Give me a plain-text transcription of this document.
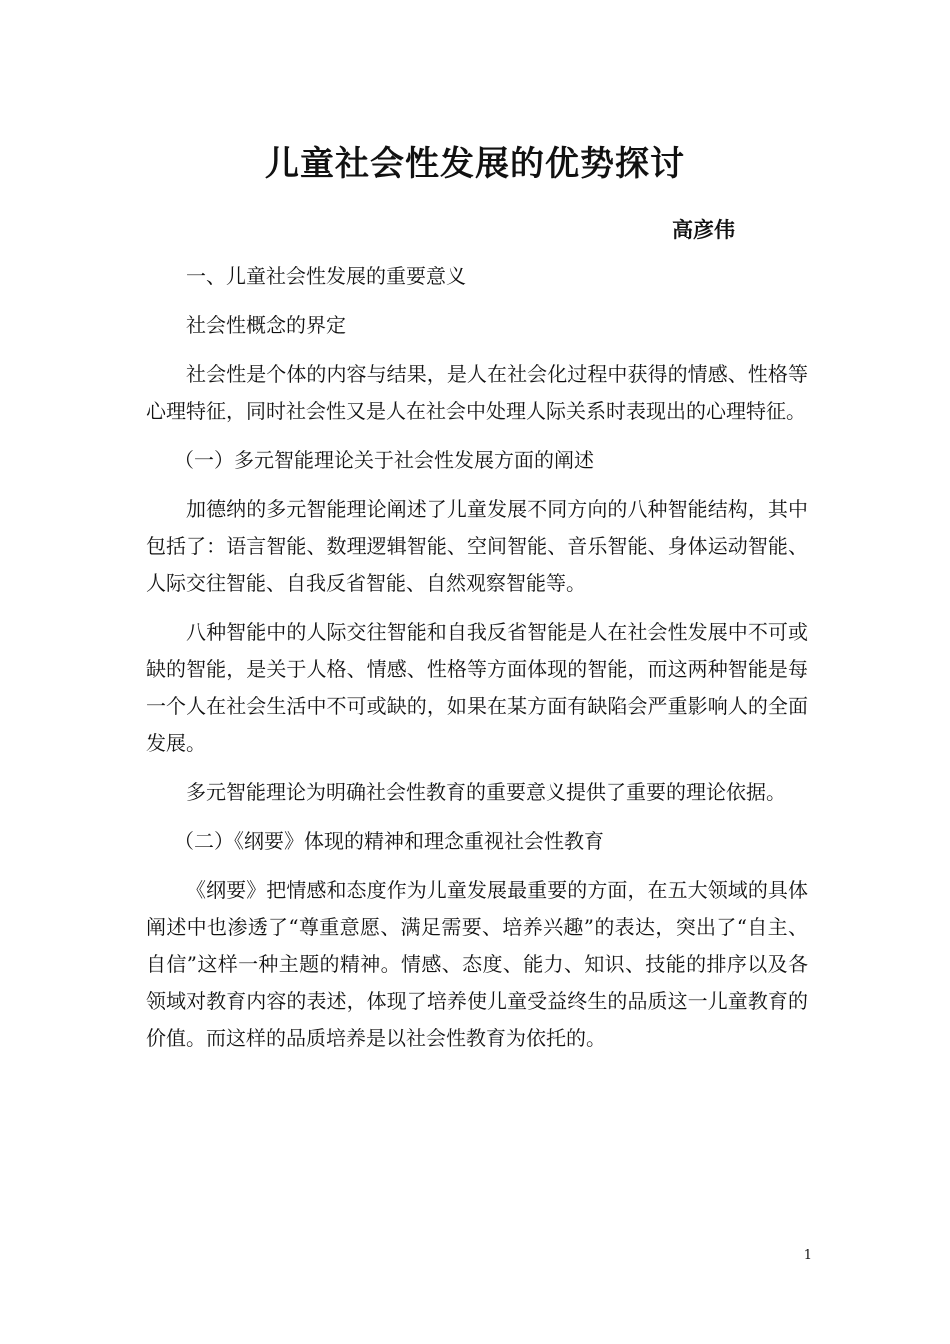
儿童社会性发展的优势探讨

高彦伟

一、儿童社会性发展的重要意义

社会性概念的界定

社会性是个体的内容与结果，是人在社会化过程中获得的情感、性格等心理特征，同时社会性又是人在社会中处理人际关系时表现出的心理特征。

（一）多元智能理论关于社会性发展方面的阐述

加德纳的多元智能理论阐述了儿童发展不同方向的八种智能结构，其中包括了：语言智能、数理逻辑智能、空间智能、音乐智能、身体运动智能、人际交往智能、自我反省智能、自然观察智能等。

八种智能中的人际交往智能和自我反省智能是人在社会性发展中不可或缺的智能，是关于人格、情感、性格等方面体现的智能，而这两种智能是每一个人在社会生活中不可或缺的，如果在某方面有缺陷会严重影响人的全面发展。

多元智能理论为明确社会性教育的重要意义提供了重要的理论依据。

（二）《纲要》体现的精神和理念重视社会性教育

《纲要》把情感和态度作为儿童发展最重要的方面，在五大领域的具体阐述中也渗透了“尊重意愿、满足需要、培养兴趣”的表达，突出了“自主、自信”这样一种主题的精神。情感、态度、能力、知识、技能的排序以及各领域对教育内容的表述，体现了培养使儿童受益终生的品质这一儿童教育的价值。而这样的品质培养是以社会性教育为依托的。

1
